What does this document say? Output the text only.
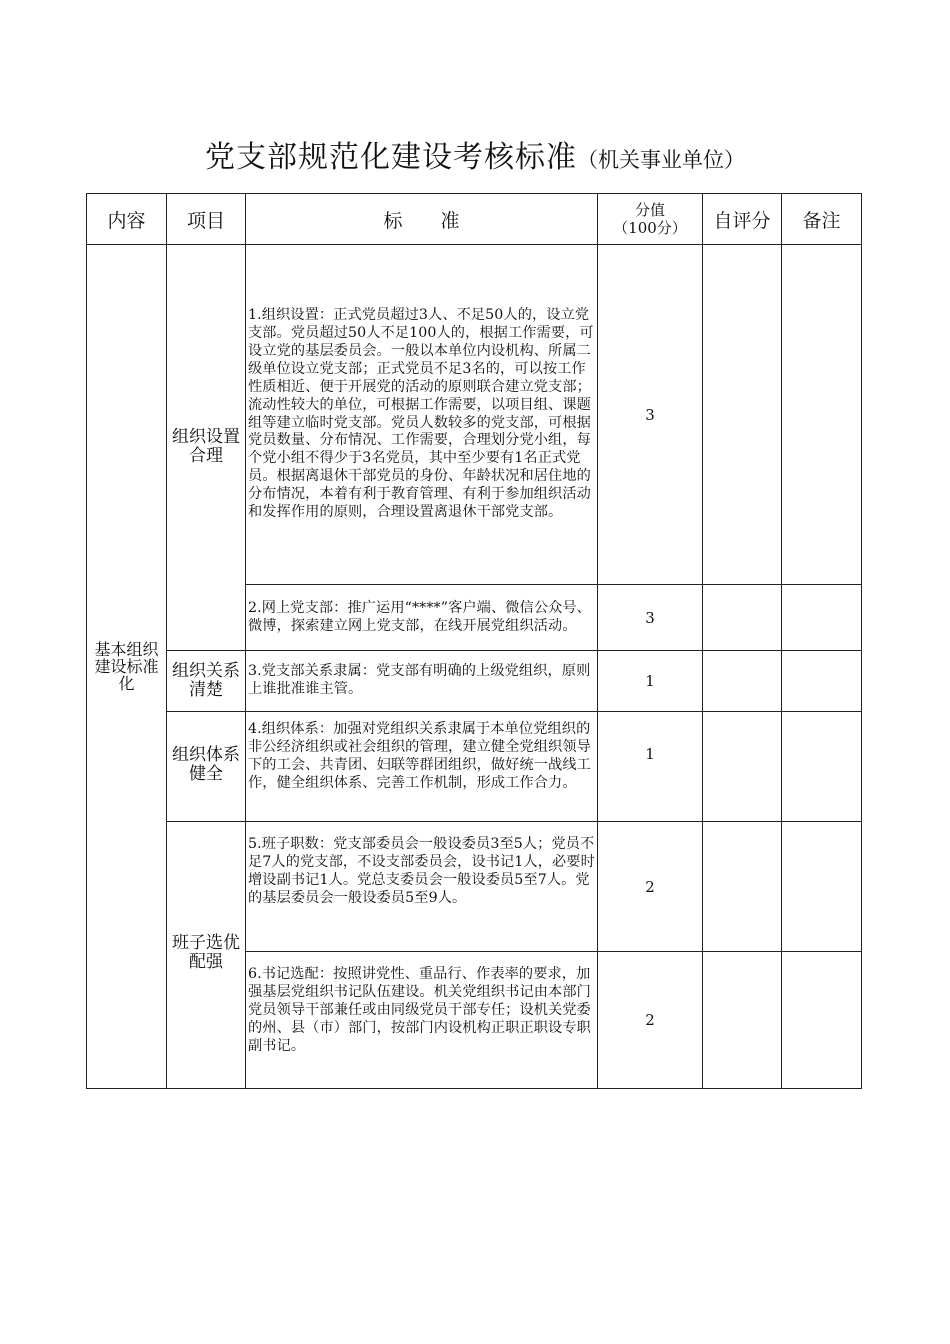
党支部规范化建设考核标准（机关事业单位）
内容	项目	标　　准	分值
（100分）	自评分	备注
基本组织建设标准化	组织设置合理	1.组织设置：正式党员超过3人、不足50人的，设立党支部。党员超过50人不足100人的，根据工作需要，可设立党的基层委员会。一般以本单位内设机构、所属二级单位设立党支部；正式党员不足3名的，可以按工作性质相近、便于开展党的活动的原则联合建立党支部；流动性较大的单位，可根据工作需要，以项目组、课题组等建立临时党支部。党员人数较多的党支部，可根据党员数量、分布情况、工作需要，合理划分党小组，每个党小组不得少于3名党员，其中至少要有1名正式党员。根据离退休干部党员的身份、年龄状况和居住地的分布情况，本着有利于教育管理、有利于参加组织活动和发挥作用的原则，合理设置离退休干部党支部。	3		
		2.网上党支部：推广运用“****”客户端、微信公众号、微博，探索建立网上党支部，在线开展党组织活动。	3		
	组织关系清楚	3.党支部关系隶属：党支部有明确的上级党组织，原则上谁批准谁主管。	1		

	组织体系健全	4.组织体系：加强对党组织关系隶属于本单位党组织的非公经济组织或社会组织的管理，建立健全党组织领导下的工会、共青团、妇联等群团组织，做好统一战线工作，健全组织体系、完善工作机制，形成工作合力。	1		

	班子选优配强	5.班子职数：党支部委员会一般设委员3至5人；党员不足7人的党支部，不设支部委员会，设书记1人，必要时增设副书记1人。党总支委员会一般设委员5至7人。党的基层委员会一般设委员5至9人。	2		

		6.书记选配：按照讲党性、重品行、作表率的要求，加强基层党组织书记队伍建设。机关党组织书记由本部门党员领导干部兼任或由同级党员干部专任；设机关党委的州、县（市）部门，按部门内设机构正职正职设专职副书记。	2		
